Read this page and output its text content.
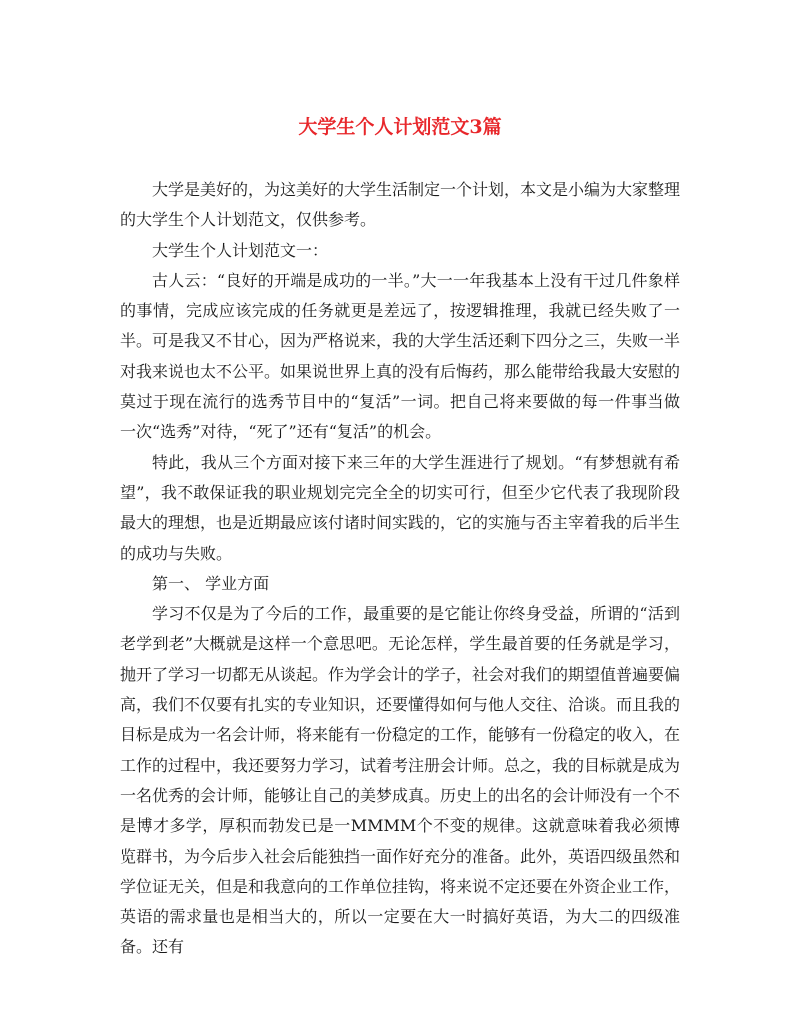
大学生个人计划范文3篇

大学是美好的，为这美好的大学生活制定一个计划，本文是小编为大家整理的大学生个人计划范文，仅供参考。

大学生个人计划范文一：

古人云：“良好的开端是成功的一半。”大一一年我基本上没有干过几件象样的事情，完成应该完成的任务就更是差远了，按逻辑推理，我就已经失败了一半。可是我又不甘心，因为严格说来，我的大学生活还剩下四分之三，失败一半对我来说也太不公平。如果说世界上真的没有后悔药，那么能带给我最大安慰的莫过于现在流行的选秀节目中的“复活”一词。把自己将来要做的每一件事当做一次“选秀”对待，“死了”还有“复活”的机会。

特此，我从三个方面对接下来三年的大学生涯进行了规划。“有梦想就有希望”，我不敢保证我的职业规划完完全全的切实可行，但至少它代表了我现阶段最大的理想，也是近期最应该付诸时间实践的，它的实施与否主宰着我的后半生的成功与失败。

第一、 学业方面

学习不仅是为了今后的工作，最重要的是它能让你终身受益，所谓的“活到老学到老”大概就是这样一个意思吧。无论怎样，学生最首要的任务就是学习，抛开了学习一切都无从谈起。作为学会计的学子，社会对我们的期望值普遍要偏高，我们不仅要有扎实的专业知识，还要懂得如何与他人交往、洽谈。而且我的目标是成为一名会计师，将来能有一份稳定的工作，能够有一份稳定的收入，在工作的过程中，我还要努力学习，试着考注册会计师。总之，我的目标就是成为一名优秀的会计师，能够让自己的美梦成真。历史上的出名的会计师没有一个不是博才多学，厚积而勃发已是一MMMM个不变的规律。这就意味着我必须博览群书，为今后步入社会后能独挡一面作好充分的准备。此外，英语四级虽然和学位证无关，但是和我意向的工作单位挂钩，将来说不定还要在外资企业工作，英语的需求量也是相当大的，所以一定要在大一时搞好英语，为大二的四级准备。还有
